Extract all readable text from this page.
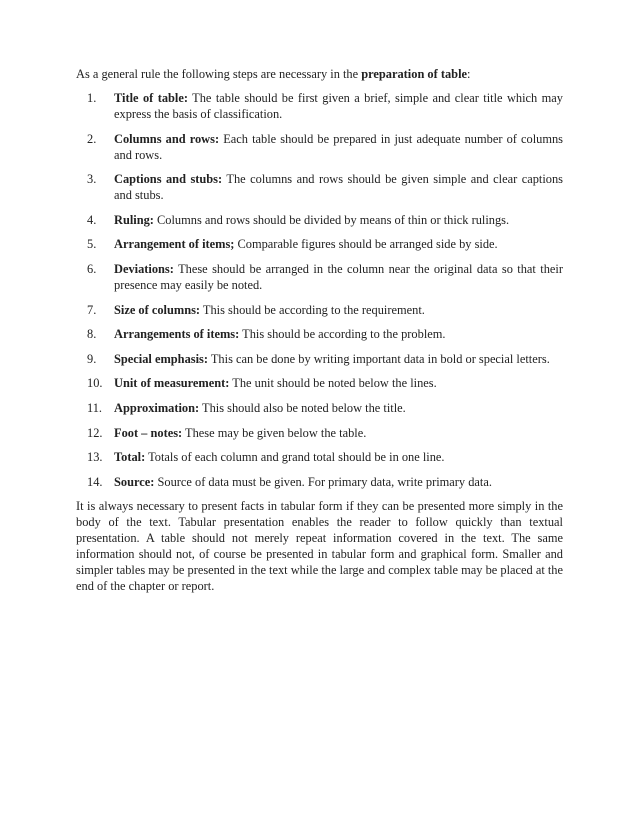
As a general rule the following steps are necessary in the preparation of table:

1.	Title of table: The table should be first given a brief, simple and clear title which may express the basis of classification.
2.	Columns and rows: Each table should be prepared in just adequate number of columns and rows.
3.	Captions and stubs: The columns and rows should be given simple and clear captions and stubs.
4.	Ruling: Columns and rows should be divided by means of thin or thick rulings.
5.	Arrangement of items; Comparable figures should be arranged side by side.
6.	Deviations: These should be arranged in the column near the original data so that their presence may easily be noted.
7.	Size of columns: This should be according to the requirement.
8.	Arrangements of items: This should be according to the problem.
9.	Special emphasis: This can be done by writing important data in bold or special letters.
10. Unit of measurement: The unit should be noted below the lines.
11. Approximation: This should also be noted below the title.
12. Foot – notes: These may be given below the table.
13. Total: Totals of each column and grand total should be in one line.
14. Source: Source of data must be given. For primary data, write primary data.

It is always necessary to present facts in tabular form if they can be presented more simply in the body of the text. Tabular presentation enables the reader to follow quickly than textual presentation. A table should not merely repeat information covered in the text. The same information should not, of course be presented in tabular form and graphical form. Smaller and simpler tables may be presented in the text while the large and complex table may be placed at the end of the chapter or report.
